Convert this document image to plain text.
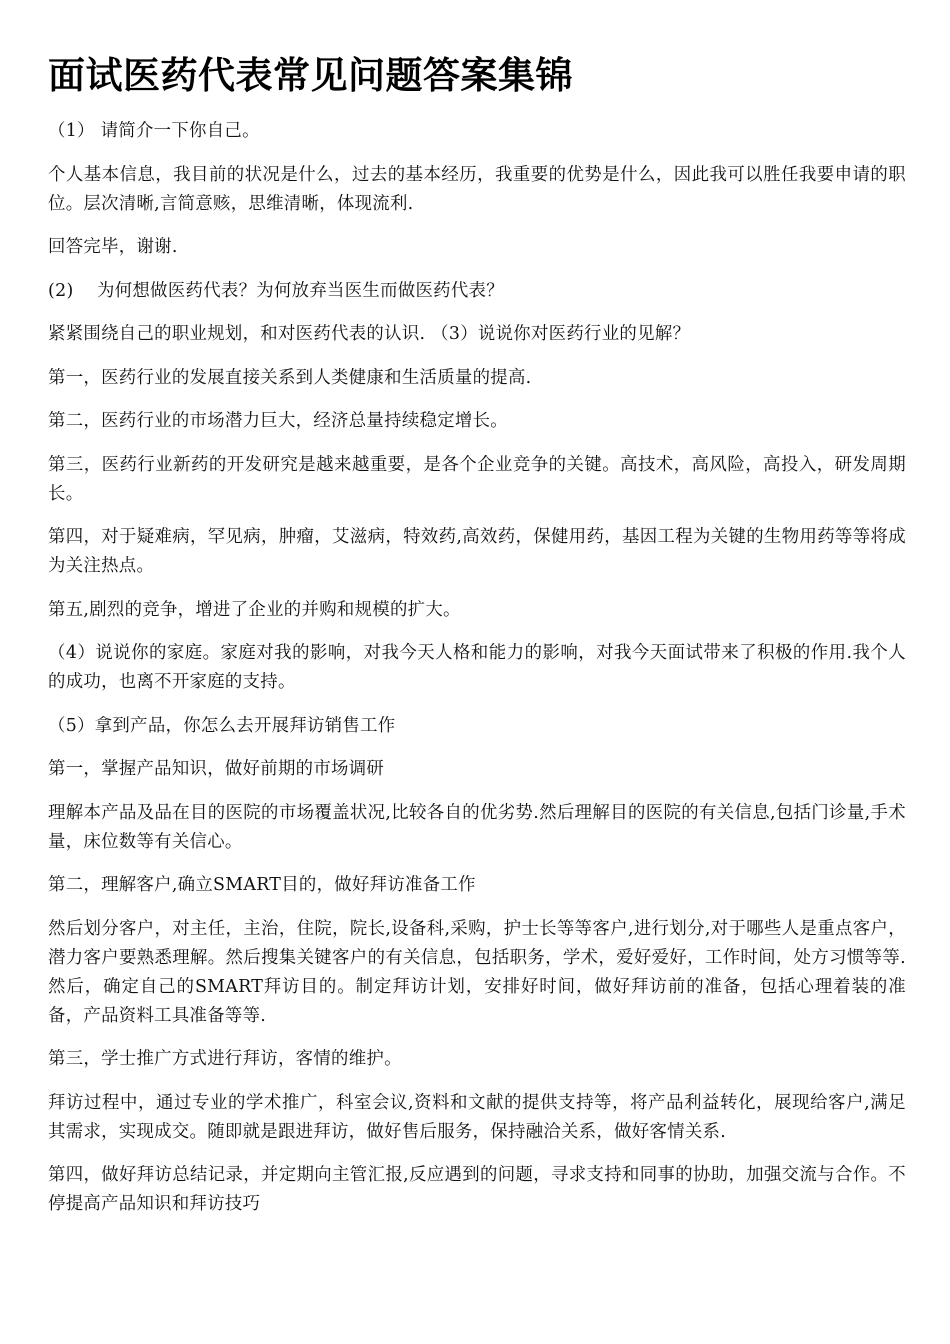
面试医药代表常见问题答案集锦

（1） 请简介一下你自己。

个人基本信息，我目前的状况是什么，过去的基本经历，我重要的优势是什么，因此我可以胜任我要申请的职位。层次清晰,言简意赅，思维清晰，体现流利.

回答完毕，谢谢.

(2)　 为何想做医药代表？为何放弃当医生而做医药代表？

紧紧围绕自己的职业规划，和对医药代表的认识. （3）说说你对医药行业的见解？

第一，医药行业的发展直接关系到人类健康和生活质量的提高.

第二，医药行业的市场潜力巨大，经济总量持续稳定增长。

第三，医药行业新药的开发研究是越来越重要，是各个企业竞争的关键。高技术，高风险，高投入，研发周期长。

第四，对于疑难病，罕见病，肿瘤，艾滋病，特效药,高效药，保健用药，基因工程为关键的生物用药等等将成为关注热点。

第五,剧烈的竞争，增进了企业的并购和规模的扩大。

（4）说说你的家庭。家庭对我的影响，对我今天人格和能力的影响，对我今天面试带来了积极的作用.我个人的成功，也离不开家庭的支持。

（5）拿到产品，你怎么去开展拜访销售工作

第一，掌握产品知识，做好前期的市场调研

理解本产品及品在目的医院的市场覆盖状况,比较各自的优劣势.然后理解目的医院的有关信息,包括门诊量,手术量，床位数等有关信心。

第二，理解客户,确立SMART目的，做好拜访准备工作

然后划分客户，对主任，主治，住院，院长,设备科,采购，护士长等等客户,进行划分,对于哪些人是重点客户，潜力客户要熟悉理解。然后搜集关键客户的有关信息，包括职务，学术，爱好爱好，工作时间，处方习惯等等.然后，确定自己的SMART拜访目的。制定拜访计划，安排好时间，做好拜访前的准备，包括心理着装的准备，产品资料工具准备等等.

第三，学士推广方式进行拜访，客情的维护。

拜访过程中，通过专业的学术推广，科室会议,资料和文献的提供支持等，将产品利益转化，展现给客户,满足其需求，实现成交。随即就是跟进拜访，做好售后服务，保持融洽关系，做好客情关系.

第四，做好拜访总结记录，并定期向主管汇报,反应遇到的问题，寻求支持和同事的协助，加强交流与合作。不停提高产品知识和拜访技巧
